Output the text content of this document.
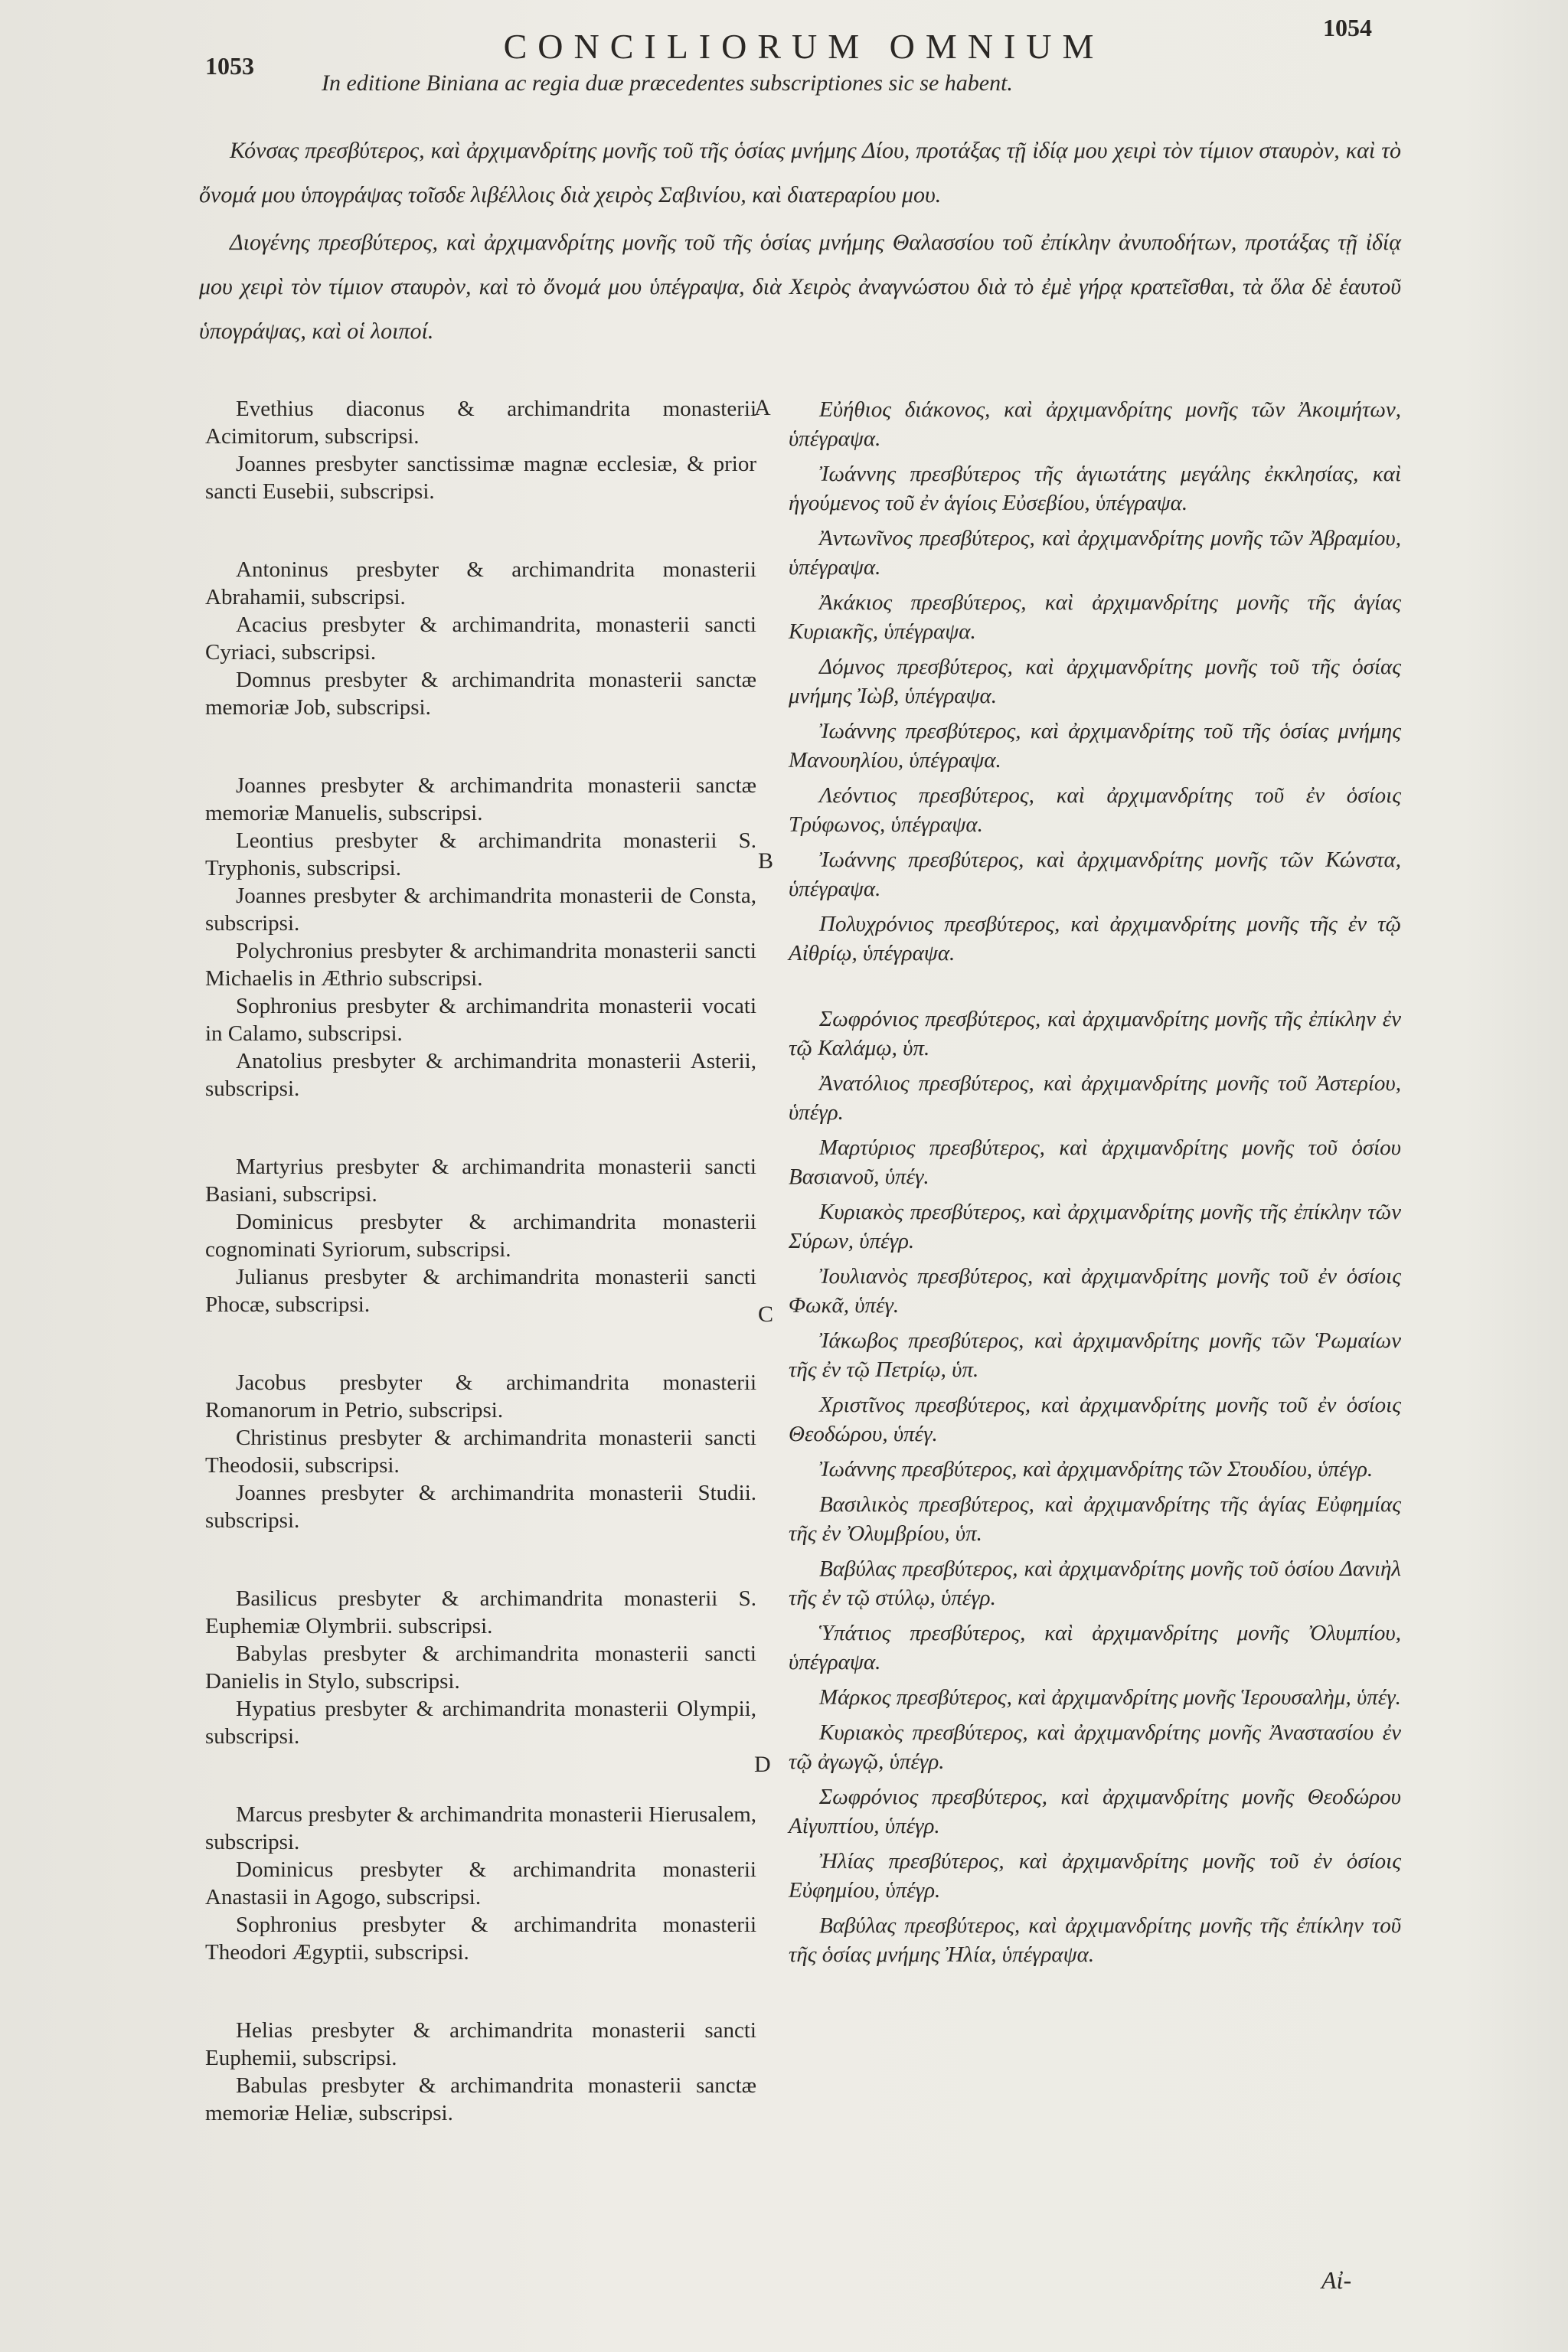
1053	CONCILIORUM OMNIUM	1054
In editione Biniana ac regia duæ præcedentes subscriptiones sic se habent.

Κόνσας πρεσβύτερος, καὶ ἀρχιμανδρίτης μονῆς τοῦ τῆς ὁσίας μνήμης Δίου, προτάξας τῇ ἰδίᾳ μου χειρὶ τὸν τίμιον σταυρὸν, καὶ τὸ ὄνομά μου ὑπογράψας τοῖσδε λιβέλλοις διὰ χειρὸς Σαβινίου, καὶ διατεραρίου μου.

Διογένης πρεσβύτερος, καὶ ἀρχιμανδρίτης μονῆς τοῦ τῆς ὁσίας μνήμης Θαλασσίου τοῦ ἐπίκλην ἀνυποδήτων, προτάξας τῇ ἰδίᾳ μου χειρὶ τὸν τίμιον σταυρὸν, καὶ τὸ ὄνομά μου ὑπέγραψα, διὰ Χειρὸς ἀναγνώστου διὰ τὸ ἐμὲ γήρᾳ κρατεῖσθαι, τὰ ὅλα δὲ ἑαυτοῦ ὑπογράψας, καὶ οἱ λοιποί.

A
B
C
D

Evethius diaconus & archimandrita monasterii Acimitorum, subscripsi.

Joannes presbyter sanctissimæ magnæ ecclesiæ, & prior sancti Eusebii, subscripsi.

Antoninus presbyter & archimandrita monasterii Abrahamii, subscripsi.

Acacius presbyter & archimandrita, monasterii sancti Cyriaci, subscripsi.

Domnus presbyter & archimandrita monasterii sanctæ memoriæ Job, subscripsi.

Joannes presbyter & archimandrita monasterii sanctæ memoriæ Manuelis, subscripsi.

Leontius presbyter & archimandrita monasterii S. Tryphonis, subscripsi.

Joannes presbyter & archimandrita monasterii de Consta, subscripsi.

Polychronius presbyter & archimandrita monasterii sancti Michaelis in Æthrio subscripsi.

Sophronius presbyter & archimandrita monasterii vocati in Calamo, subscripsi.

Anatolius presbyter & archimandrita monasterii Asterii, subscripsi.

Martyrius presbyter & archimandrita monasterii sancti Basiani, subscripsi.

Dominicus presbyter & archimandrita monasterii cognominati Syriorum, subscripsi.

Julianus presbyter & archimandrita monasterii sancti Phocæ, subscripsi.

Jacobus presbyter & archimandrita monasterii Romanorum in Petrio, subscripsi.

Christinus presbyter & archimandrita monasterii sancti Theodosii, subscripsi.

Joannes presbyter & archimandrita monasterii Studii. subscripsi.

Basilicus presbyter & archimandrita monasterii S. Euphemiæ Olymbrii. subscripsi.

Babylas presbyter & archimandrita monasterii sancti Danielis in Stylo, subscripsi.

Hypatius presbyter & archimandrita monasterii Olympii, subscripsi.

Marcus presbyter & archimandrita monasterii Hierusalem, subscripsi.

Dominicus presbyter & archimandrita monasterii Anastasii in Agogo, subscripsi.

Sophronius presbyter & archimandrita monasterii Theodori Ægyptii, subscripsi.

Helias presbyter & archimandrita monasterii sancti Euphemii, subscripsi.

Babulas presbyter & archimandrita monasterii sanctæ memoriæ Heliæ, subscripsi.

Εὐήθιος διάκονος, καὶ ἀρχιμανδρίτης μονῆς τῶν Ἀκοιμήτων, ὑπέγραψα.

Ἰωάννης πρεσβύτερος τῆς ἁγιωτάτης μεγάλης ἐκκλησίας, καὶ ἡγούμενος τοῦ ἐν ἁγίοις Εὐσεβίου, ὑπέγραψα.

Ἀντωνῖνος πρεσβύτερος, καὶ ἀρχιμανδρίτης μονῆς τῶν Ἀβραμίου, ὑπέγραψα.

Ἀκάκιος πρεσβύτερος, καὶ ἀρχιμανδρίτης μονῆς τῆς ἁγίας Κυριακῆς, ὑπέγραψα.

Δόμνος πρεσβύτερος, καὶ ἀρχιμανδρίτης μονῆς τοῦ τῆς ὁσίας μνήμης Ἰὼβ, ὑπέγραψα.

Ἰωάννης πρεσβύτερος, καὶ ἀρχιμανδρίτης τοῦ τῆς ὁσίας μνήμης Μανουηλίου, ὑπέγραψα.

Λεόντιος πρεσβύτερος, καὶ ἀρχιμανδρίτης τοῦ ἐν ὁσίοις Τρύφωνος, ὑπέγραψα.

Ἰωάννης πρεσβύτερος, καὶ ἀρχιμανδρίτης μονῆς τῶν Κώνστα, ὑπέγραψα.

Πολυχρόνιος πρεσβύτερος, καὶ ἀρχιμανδρίτης μονῆς τῆς ἐν τῷ Αἰθρίῳ, ὑπέγραψα.

Σωφρόνιος πρεσβύτερος, καὶ ἀρχιμανδρίτης μονῆς τῆς ἐπίκλην ἐν τῷ Καλάμῳ, ὑπ.

Ἀνατόλιος πρεσβύτερος, καὶ ἀρχιμανδρίτης μονῆς τοῦ Ἀστερίου, ὑπέγρ.

Μαρτύριος πρεσβύτερος, καὶ ἀρχιμανδρίτης μονῆς τοῦ ὁσίου Βασιανοῦ, ὑπέγ.

Κυριακὸς πρεσβύτερος, καὶ ἀρχιμανδρίτης μονῆς τῆς ἐπίκλην τῶν Σύρων, ὑπέγρ.

Ἰουλιανὸς πρεσβύτερος, καὶ ἀρχιμανδρίτης μονῆς τοῦ ἐν ὁσίοις Φωκᾶ, ὑπέγ.

Ἰάκωβος πρεσβύτερος, καὶ ἀρχιμανδρίτης μονῆς τῶν Ῥωμαίων τῆς ἐν τῷ Πετρίῳ, ὑπ.

Χριστῖνος πρεσβύτερος, καὶ ἀρχιμανδρίτης μονῆς τοῦ ἐν ὁσίοις Θεοδώρου, ὑπέγ.

Ἰωάννης πρεσβύτερος, καὶ ἀρχιμανδρίτης τῶν Στουδίου, ὑπέγρ.

Βασιλικὸς πρεσβύτερος, καὶ ἀρχιμανδρίτης τῆς ἁγίας Εὐφημίας τῆς ἐν Ὀλυμβρίου, ὑπ.

Βαβύλας πρεσβύτερος, καὶ ἀρχιμανδρίτης μονῆς τοῦ ὁσίου Δανιὴλ τῆς ἐν τῷ στύλῳ, ὑπέγρ.

Ὑπάτιος πρεσβύτερος, καὶ ἀρχιμανδρίτης μονῆς Ὀλυμπίου, ὑπέγραψα.

Μάρκος πρεσβύτερος, καὶ ἀρχιμανδρίτης μονῆς Ἱερουσαλὴμ, ὑπέγ.

Κυριακὸς πρεσβύτερος, καὶ ἀρχιμανδρίτης μονῆς Ἀναστασίου ἐν τῷ ἀγωγῷ, ὑπέγρ.

Σωφρόνιος πρεσβύτερος, καὶ ἀρχιμανδρίτης μονῆς Θεοδώρου Αἰγυπτίου, ὑπέγρ.

Ἠλίας πρεσβύτερος, καὶ ἀρχιμανδρίτης μονῆς τοῦ ἐν ὁσίοις Εὐφημίου, ὑπέγρ.

Βαβύλας πρεσβύτερος, καὶ ἀρχιμανδρίτης μονῆς τῆς ἐπίκλην τοῦ τῆς ὁσίας μνήμης Ἠλία, ὑπέγραψα.

Αἰ-
